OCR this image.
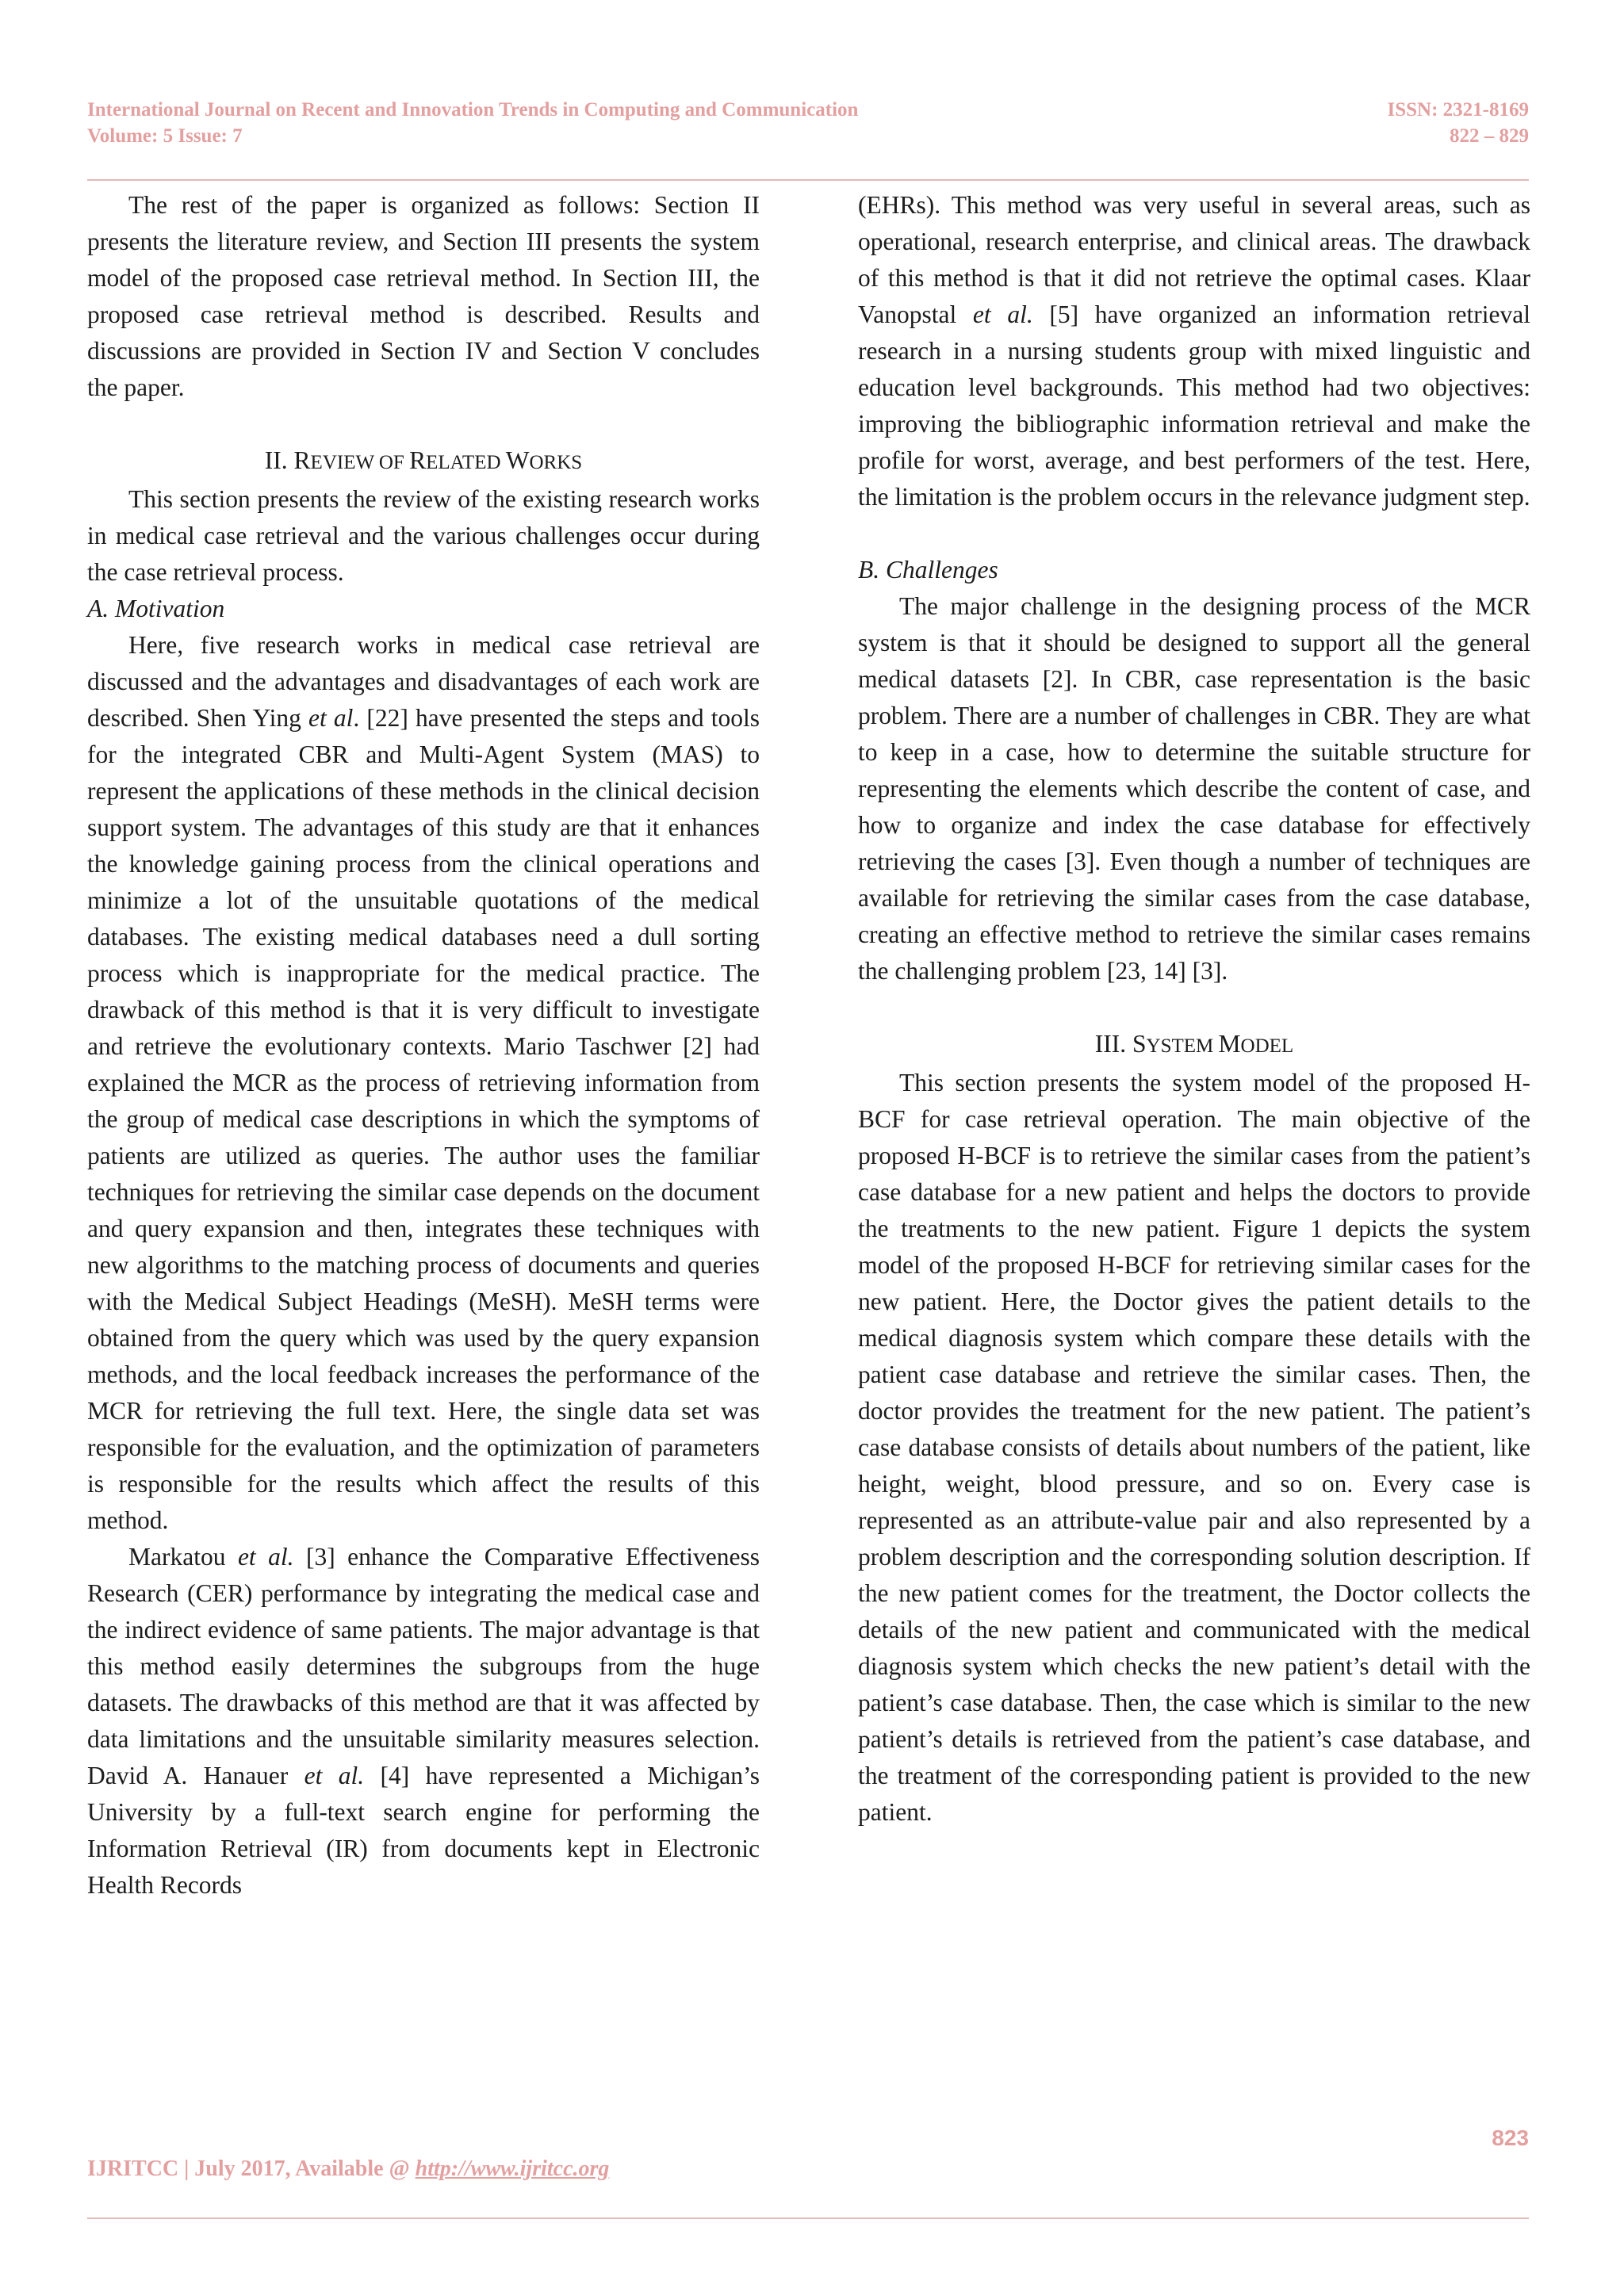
International Journal on Recent and Innovation Trends in Computing and Communication
Volume: 5 Issue: 7
ISSN: 2321-8169
822 – 829

The rest of the paper is organized as follows: Section II presents the literature review, and Section III presents the system model of the proposed case retrieval method. In Section III, the proposed case retrieval method is described. Results and discussions are provided in Section IV and Section V concludes the paper.

II. REVIEW OF RELATED WORKS

This section presents the review of the existing research works in medical case retrieval and the various challenges occur during the case retrieval process.

A. Motivation

Here, five research works in medical case retrieval are discussed and the advantages and disadvantages of each work are described. Shen Ying et al. [22] have presented the steps and tools for the integrated CBR and Multi-Agent System (MAS) to represent the applications of these methods in the clinical decision support system. The advantages of this study are that it enhances the knowledge gaining process from the clinical operations and minimize a lot of the unsuitable quotations of the medical databases. The existing medical databases need a dull sorting process which is inappropriate for the medical practice. The drawback of this method is that it is very difficult to investigate and retrieve the evolutionary contexts. Mario Taschwer [2] had explained the MCR as the process of retrieving information from the group of medical case descriptions in which the symptoms of patients are utilized as queries. The author uses the familiar techniques for retrieving the similar case depends on the document and query expansion and then, integrates these techniques with new algorithms to the matching process of documents and queries with the Medical Subject Headings (MeSH). MeSH terms were obtained from the query which was used by the query expansion methods, and the local feedback increases the performance of the MCR for retrieving the full text. Here, the single data set was responsible for the evaluation, and the optimization of parameters is responsible for the results which affect the results of this method.

Markatou et al. [3] enhance the Comparative Effectiveness Research (CER) performance by integrating the medical case and the indirect evidence of same patients. The major advantage is that this method easily determines the subgroups from the huge datasets. The drawbacks of this method are that it was affected by data limitations and the unsuitable similarity measures selection. David A. Hanauer et al. [4] have represented a Michigan’s University by a full-text search engine for performing the Information Retrieval (IR) from documents kept in Electronic Health Records

(EHRs). This method was very useful in several areas, such as operational, research enterprise, and clinical areas. The drawback of this method is that it did not retrieve the optimal cases. Klaar Vanopstal et al. [5] have organized an information retrieval research in a nursing students group with mixed linguistic and education level backgrounds. This method had two objectives: improving the bibliographic information retrieval and make the profile for worst, average, and best performers of the test. Here, the limitation is the problem occurs in the relevance judgment step.

B. Challenges

The major challenge in the designing process of the MCR system is that it should be designed to support all the general medical datasets [2]. In CBR, case representation is the basic problem. There are a number of challenges in CBR. They are what to keep in a case, how to determine the suitable structure for representing the elements which describe the content of case, and how to organize and index the case database for effectively retrieving the cases [3]. Even though a number of techniques are available for retrieving the similar cases from the case database, creating an effective method to retrieve the similar cases remains the challenging problem [23, 14] [3].

III. SYSTEM MODEL

This section presents the system model of the proposed H-BCF for case retrieval operation. The main objective of the proposed H-BCF is to retrieve the similar cases from the patient’s case database for a new patient and helps the doctors to provide the treatments to the new patient. Figure 1 depicts the system model of the proposed H-BCF for retrieving similar cases for the new patient. Here, the Doctor gives the patient details to the medical diagnosis system which compare these details with the patient case database and retrieve the similar cases. Then, the doctor provides the treatment for the new patient. The patient’s case database consists of details about numbers of the patient, like height, weight, blood pressure, and so on. Every case is represented as an attribute-value pair and also represented by a problem description and the corresponding solution description. If the new patient comes for the treatment, the Doctor collects the details of the new patient and communicated with the medical diagnosis system which checks the new patient’s detail with the patient’s case database. Then, the case which is similar to the new patient’s details is retrieved from the patient’s case database, and the treatment of the corresponding patient is provided to the new patient.

823
IJRITCC | July 2017, Available @ http://www.ijritcc.org
